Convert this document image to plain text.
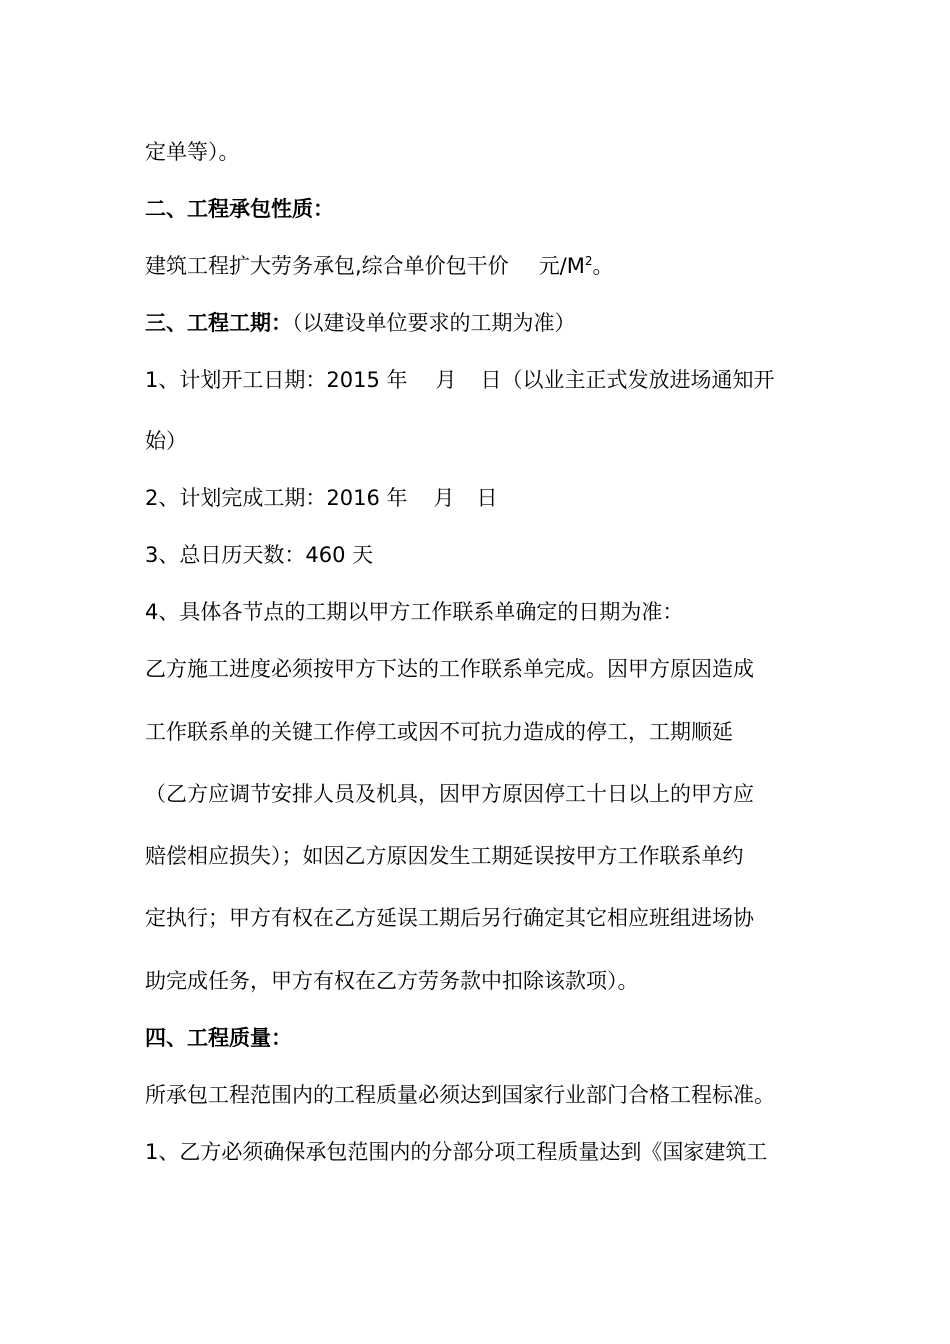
定单等）。
二、工程承包性质：
建筑工程扩大劳务承包,综合单价包干价 元$/M^2$。
三、工程工期：（以建设单位要求的工期为准）
1、计划开工日期：2015 年 月 日（以业主正式发放进场通知开
始）
2、计划完成工期：2016 年 月 日
3、总日历天数：460 天
4、具体各节点的工期以甲方工作联系单确定的日期为准：
乙方施工进度必须按甲方下达的工作联系单完成。因甲方原因造成
工作联系单的关键工作停工或因不可抗力造成的停工，工期顺延
（乙方应调节安排人员及机具，因甲方原因停工十日以上的甲方应
赔偿相应损失）；如因乙方原因发生工期延误按甲方工作联系单约
定执行；甲方有权在乙方延误工期后另行确定其它相应班组进场协
助完成任务，甲方有权在乙方劳务款中扣除该款项）。
四、工程质量：
所承包工程范围内的工程质量必须达到国家行业部门合格工程标准。
1、乙方必须确保承包范围内的分部分项工程质量达到《国家建筑工
